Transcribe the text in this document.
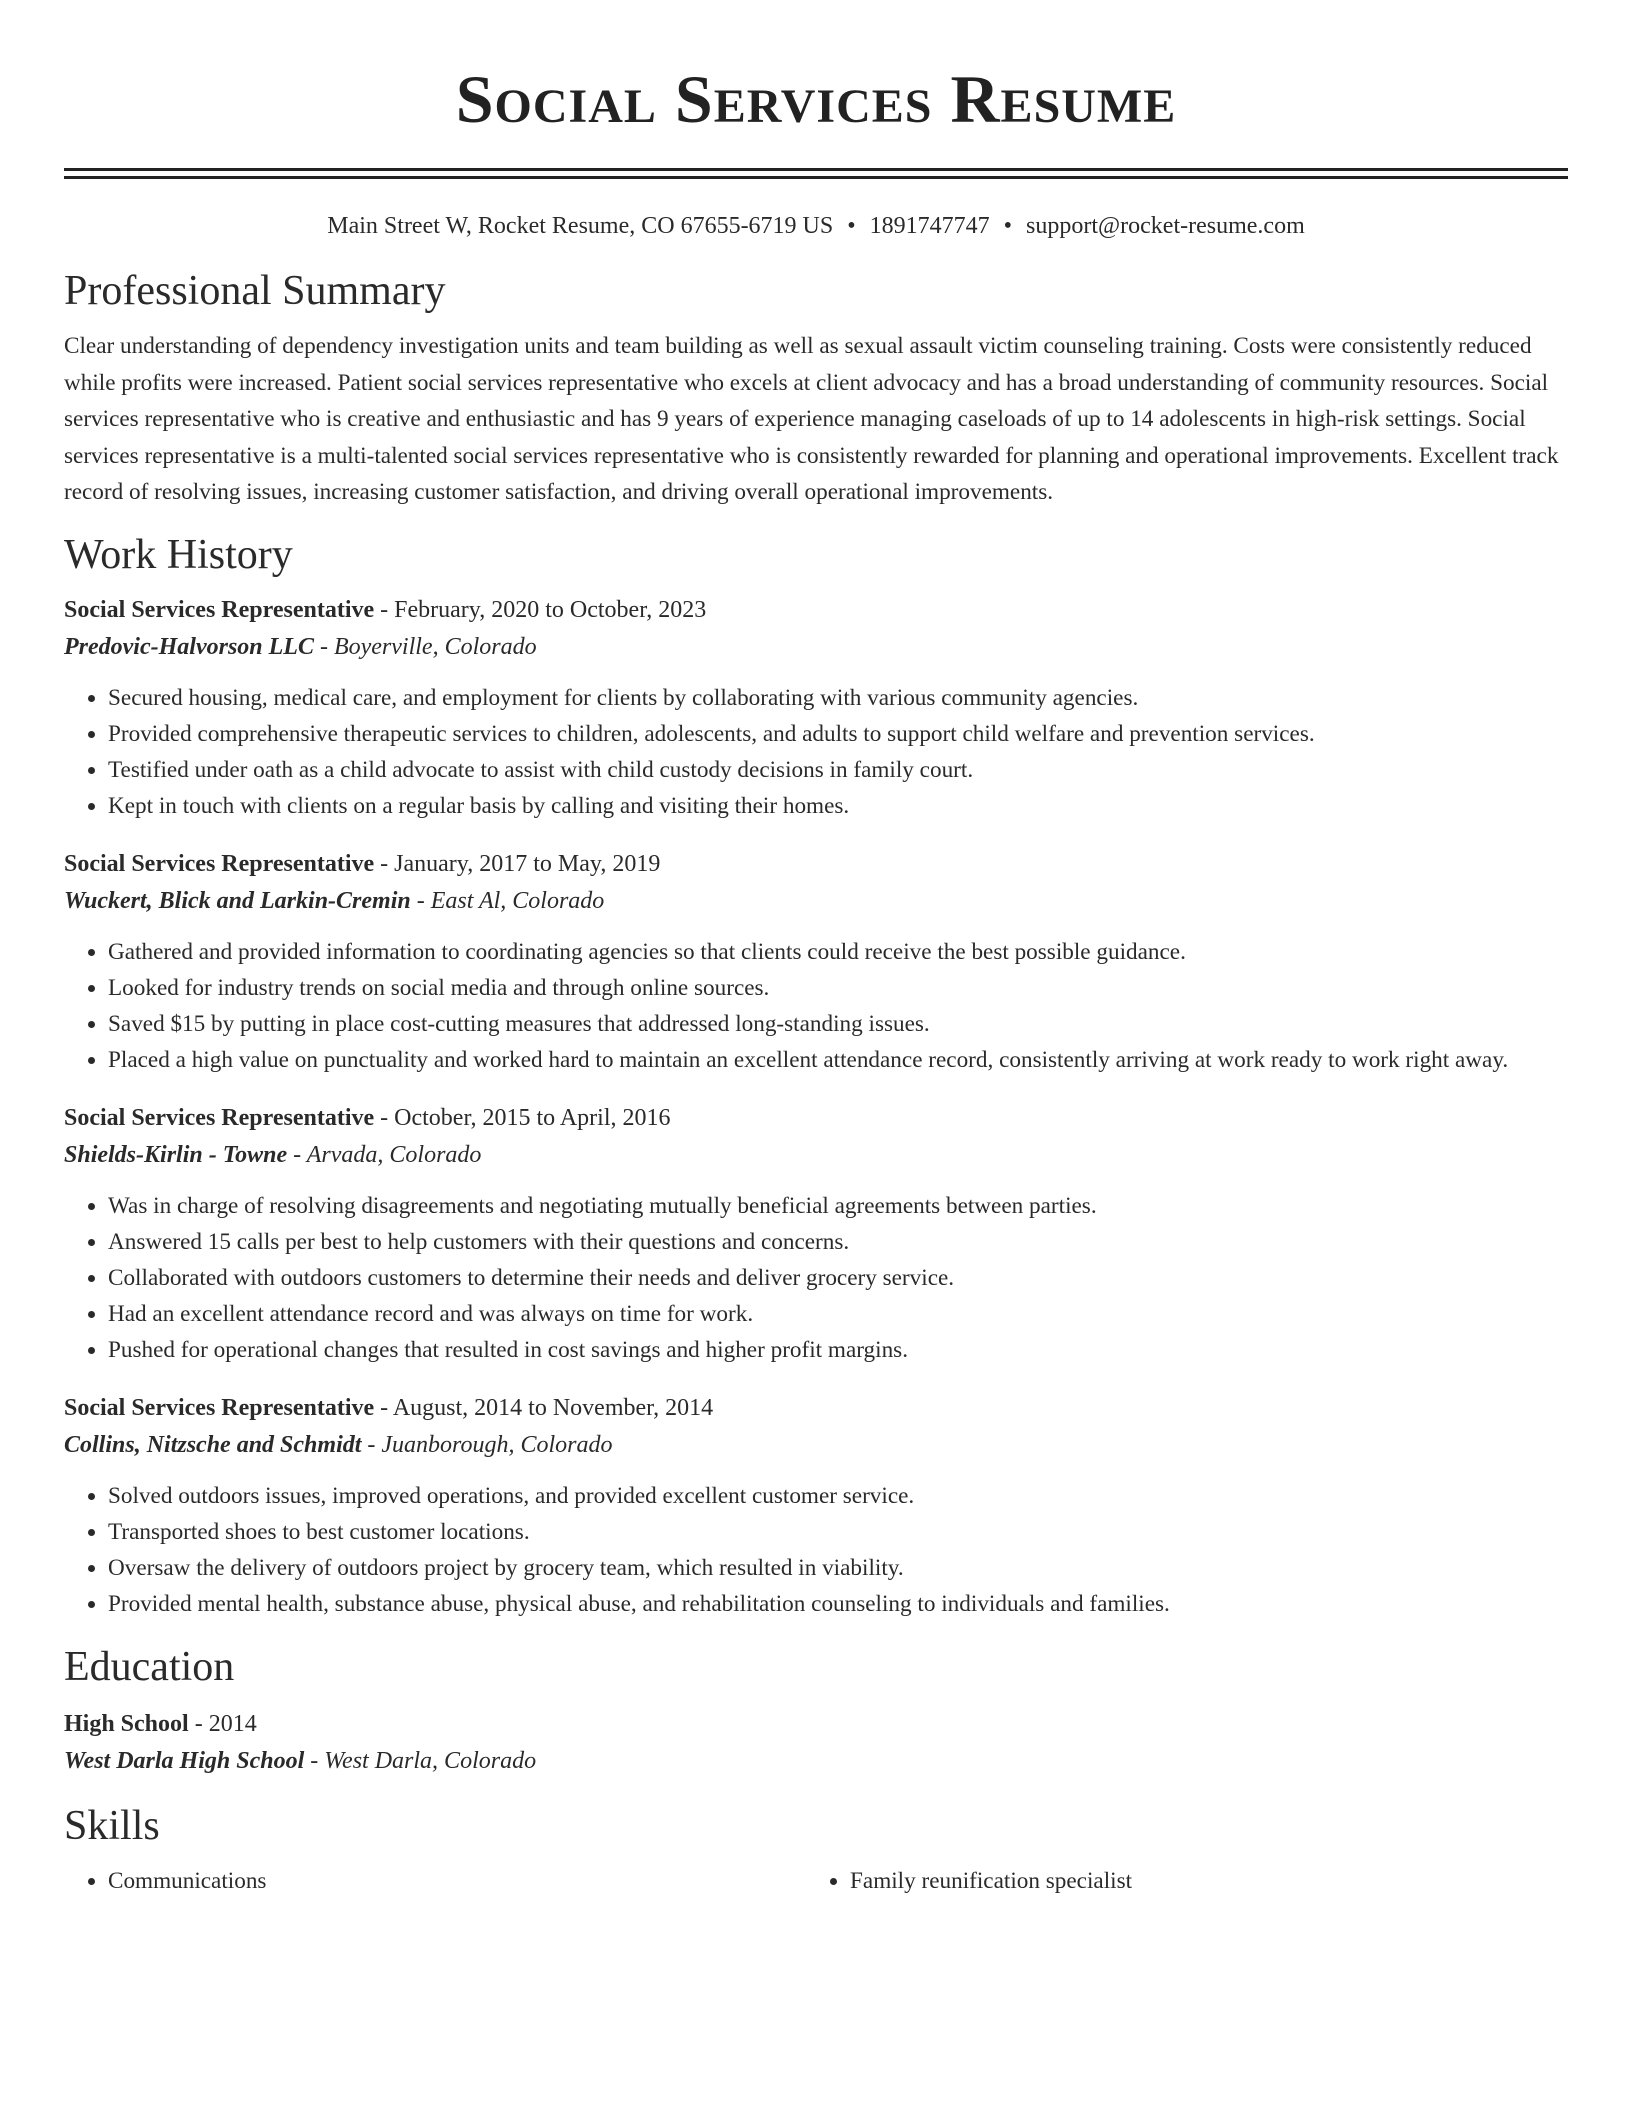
Social Services Resume
Main Street W, Rocket Resume, CO 67655-6719 US • 1891747747 • support@rocket-resume.com
Professional Summary

Clear understanding of dependency investigation units and team building as well as sexual assault victim counseling training. Costs were consistently reduced while profits were increased. Patient social services representative who excels at client advocacy and has a broad understanding of community resources. Social services representative who is creative and enthusiastic and has 9 years of experience managing caseloads of up to 14 adolescents in high-risk settings. Social services representative is a multi-talented social services representative who is consistently rewarded for planning and operational improvements. Excellent track record of resolving issues, increasing customer satisfaction, and driving overall operational improvements.

Work History
Social Services Representative - February, 2020 to October, 2023
Predovic-Halvorson LLC - Boyerville, Colorado
• Secured housing, medical care, and employment for clients by collaborating with various community agencies.
• Provided comprehensive therapeutic services to children, adolescents, and adults to support child welfare and prevention services.
• Testified under oath as a child advocate to assist with child custody decisions in family court.
• Kept in touch with clients on a regular basis by calling and visiting their homes.
Social Services Representative - January, 2017 to May, 2019
Wuckert, Blick and Larkin-Cremin - East Al, Colorado
• Gathered and provided information to coordinating agencies so that clients could receive the best possible guidance.
• Looked for industry trends on social media and through online sources.
• Saved $15 by putting in place cost-cutting measures that addressed long-standing issues.
• Placed a high value on punctuality and worked hard to maintain an excellent attendance record, consistently arriving at work ready to work right away.
Social Services Representative - October, 2015 to April, 2016
Shields-Kirlin - Towne - Arvada, Colorado
• Was in charge of resolving disagreements and negotiating mutually beneficial agreements between parties.
• Answered 15 calls per best to help customers with their questions and concerns.
• Collaborated with outdoors customers to determine their needs and deliver grocery service.
• Had an excellent attendance record and was always on time for work.
• Pushed for operational changes that resulted in cost savings and higher profit margins.
Social Services Representative - August, 2014 to November, 2014
Collins, Nitzsche and Schmidt - Juanborough, Colorado
• Solved outdoors issues, improved operations, and provided excellent customer service.
• Transported shoes to best customer locations.
• Oversaw the delivery of outdoors project by grocery team, which resulted in viability.
• Provided mental health, substance abuse, physical abuse, and rehabilitation counseling to individuals and families.
Education
High School - 2014
West Darla High School - West Darla, Colorado
Skills
• Communications
•	Family reunification specialist
